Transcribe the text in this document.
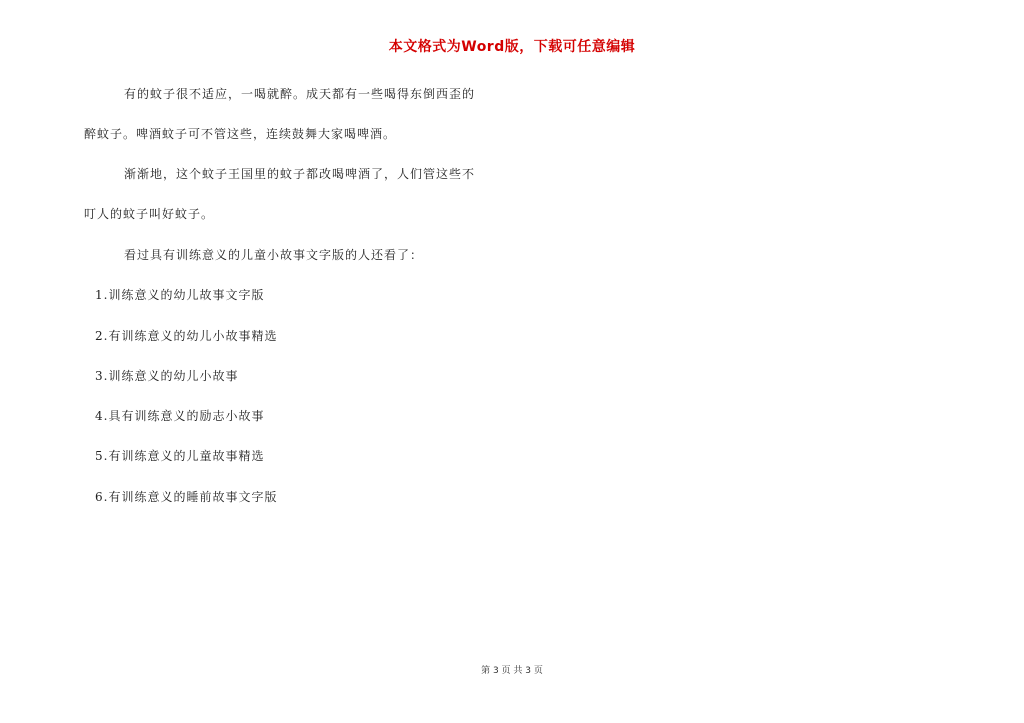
本文格式为Word版，下载可任意编辑
有的蚊子很不适应，一喝就醉。成天都有一些喝得东倒西歪的
醉蚊子。啤酒蚊子可不管这些，连续鼓舞大家喝啤酒。
渐渐地，这个蚊子王国里的蚊子都改喝啤酒了，人们管这些不
叮人的蚊子叫好蚊子。
看过具有训练意义的儿童小故事文字版的人还看了：
1.训练意义的幼儿故事文字版
2.有训练意义的幼儿小故事精选
3.训练意义的幼儿小故事
4.具有训练意义的励志小故事
5.有训练意义的儿童故事精选
6.有训练意义的睡前故事文字版
第 3 页 共 3 页
